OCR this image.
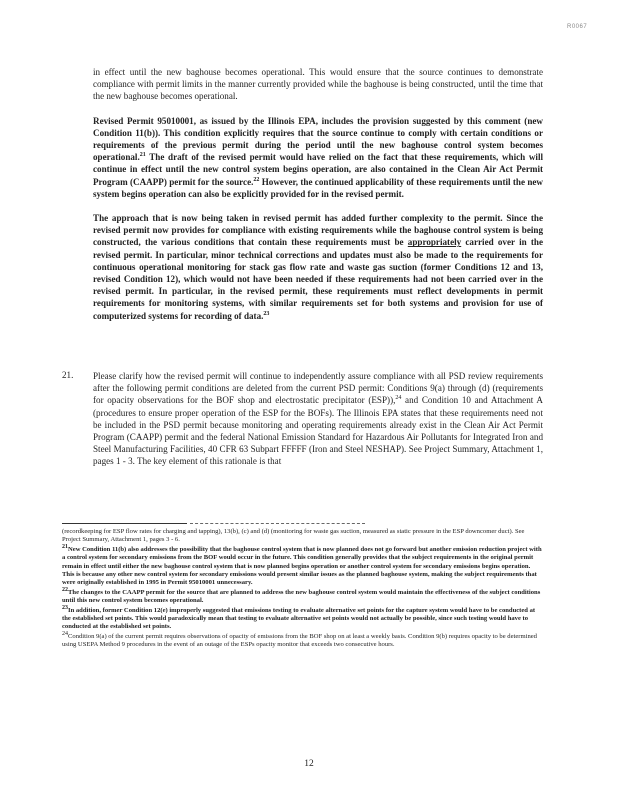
R0067

in effect until the new baghouse becomes operational. This would ensure that the source continues to demonstrate compliance with permit limits in the manner currently provided while the baghouse is being constructed, until the time that the new baghouse becomes operational.

Revised Permit 95010001, as issued by the Illinois EPA, includes the provision suggested by this comment (new Condition 11(b)). This condition explicitly requires that the source continue to comply with certain conditions or requirements of the previous permit during the period until the new baghouse control system becomes operational.$^{21}$ The draft of the revised permit would have relied on the fact that these requirements, which will continue in effect until the new control system begins operation, are also contained in the Clean Air Act Permit Program (CAAPP) permit for the source.$^{22}$ However, the continued applicability of these requirements until the new system begins operation can also be explicitly provided for in the revised permit.

The approach that is now being taken in revised permit has added further complexity to the permit. Since the revised permit now provides for compliance with existing requirements while the baghouse control system is being constructed, the various conditions that contain these requirements must be appropriately carried over in the revised permit. In particular, minor technical corrections and updates must also be made to the requirements for continuous operational monitoring for stack gas flow rate and waste gas suction (former Conditions 12 and 13, revised Condition 12), which would not have been needed if these requirements had not been carried over in the revised permit. In particular, in the revised permit, these requirements must reflect developments in permit requirements for monitoring systems, with similar requirements set for both systems and provision for use of computerized systems for recording of data.$^{23}$

21. Please clarify how the revised permit will continue to independently assure compliance with all PSD review requirements after the following permit conditions are deleted from the current PSD permit: Conditions 9(a) through (d) (requirements for opacity observations for the BOF shop and electrostatic precipitator (ESP)),$^{24}$ and Condition 10 and Attachment A (procedures to ensure proper operation of the ESP for the BOFs). The Illinois EPA states that these requirements need not be included in the PSD permit because monitoring and operating requirements already exist in the Clean Air Act Permit Program (CAAPP) permit and the federal National Emission Standard for Hazardous Air Pollutants for Integrated Iron and Steel Manufacturing Facilities, 40 CFR 63 Subpart FFFFF (Iron and Steel NESHAP). See Project Summary, Attachment 1, pages 1 - 3. The key element of this rationale is that

(recordkeeping for ESP flow rates for charging and tapping), 13(b), (c) and (d) (monitoring for waste gas suction, measured as static pressure in the ESP downcomer duct). See Project Summary, Attachment 1, pages 3 - 6.

$^{21}$New Condition 11(b) also addresses the possibility that the baghouse control system that is now planned does not go forward but another emission reduction project with a control system for secondary emissions from the BOF would occur in the future. This condition generally provides that the subject requirements in the original permit remain in effect until either the new baghouse control system that is now planned begins operation or another control system for secondary emissions begins operation. This is because any other new control system for secondary emissions would present similar issues as the planned baghouse system, making the subject requirements that were originally established in 1995 in Permit 95010001 unnecessary.

$^{22}$The changes to the CAAPP permit for the source that are planned to address the new baghouse control system would maintain the effectiveness of the subject conditions until this new control system becomes operational.

$^{23}$In addition, former Condition 12(e) improperly suggested that emissions testing to evaluate alternative set points for the capture system would have to be conducted at the established set points. This would paradoxically mean that testing to evaluate alternative set points would not actually be possible, since such testing would have to conducted at the established set points.

$^{24}$Condition 9(a) of the current permit requires observations of opacity of emissions from the BOF shop on at least a weekly basis. Condition 9(b) requires opacity to be determined using USEPA Method 9 procedures in the event of an outage of the ESPs opacity monitor that exceeds two consecutive hours.

12
